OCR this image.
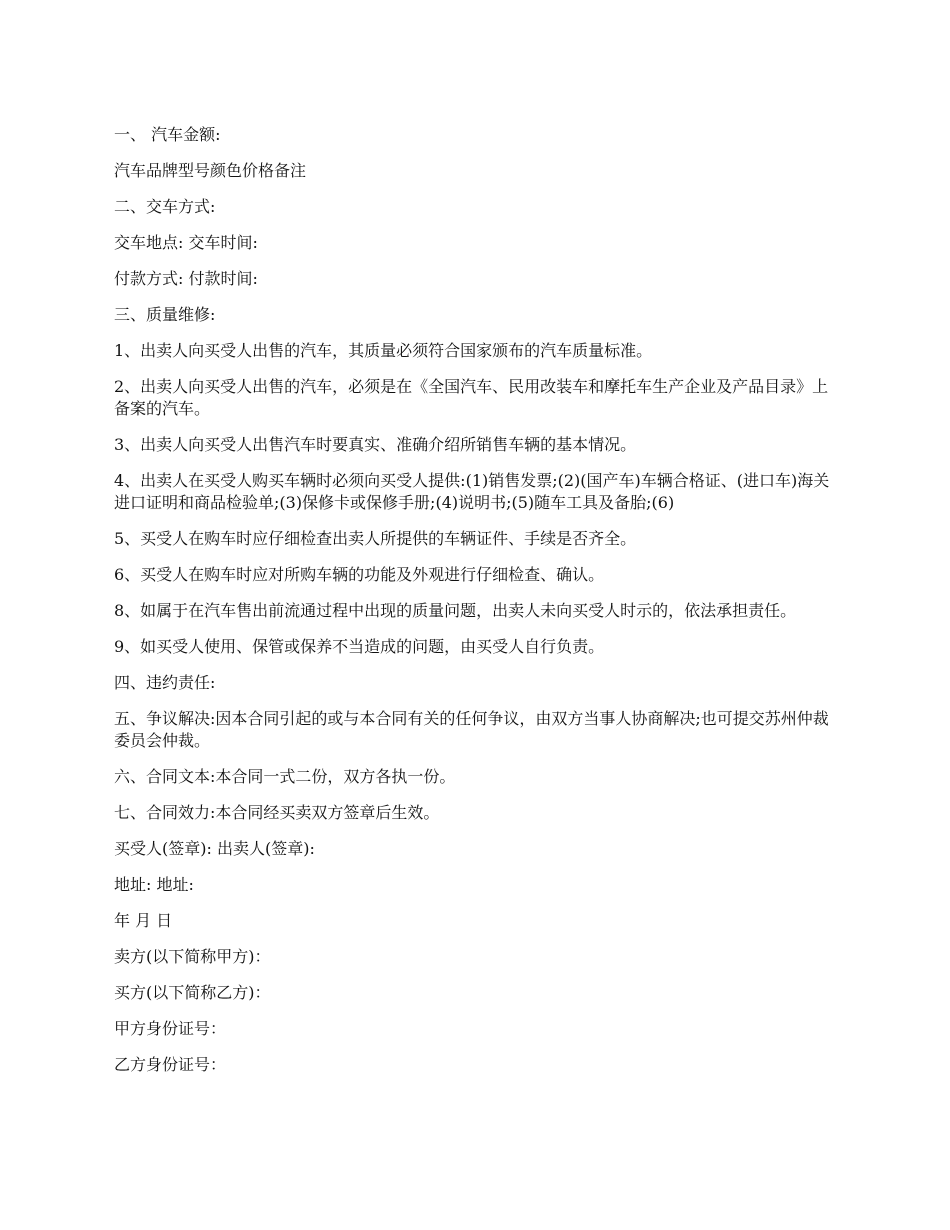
一、 汽车金额:

汽车品牌型号颜色价格备注

二、交车方式:

交车地点: 交车时间:

付款方式: 付款时间:

三、质量维修:

1、出卖人向买受人出售的汽车，其质量必须符合国家颁布的汽车质量标准。

2、出卖人向买受人出售的汽车，必须是在《全国汽车、民用改装车和摩托车生产企业及产品目录》上备案的汽车。

3、出卖人向买受人出售汽车时要真实、准确介绍所销售车辆的基本情况。

4、出卖人在买受人购买车辆时必须向买受人提供:(1)销售发票;(2)(国产车)车辆合格证、(进口车)海关进口证明和商品检验单;(3)保修卡或保修手册;(4)说明书;(5)随车工具及备胎;(6)

5、买受人在购车时应仔细检查出卖人所提供的车辆证件、手续是否齐全。

6、买受人在购车时应对所购车辆的功能及外观进行仔细检查、确认。

8、如属于在汽车售出前流通过程中出现的质量问题，出卖人未向买受人时示的，依法承担责任。

9、如买受人使用、保管或保养不当造成的问题，由买受人自行负责。

四、违约责任:

五、争议解决:因本合同引起的或与本合同有关的任何争议，由双方当事人协商解决;也可提交苏州仲裁委员会仲裁。

六、合同文本:本合同一式二份，双方各执一份。

七、合同效力:本合同经买卖双方签章后生效。

买受人(签章): 出卖人(签章):

地址: 地址:

年 月 日

卖方(以下简称甲方)：

买方(以下简称乙方)：

甲方身份证号：

乙方身份证号：
